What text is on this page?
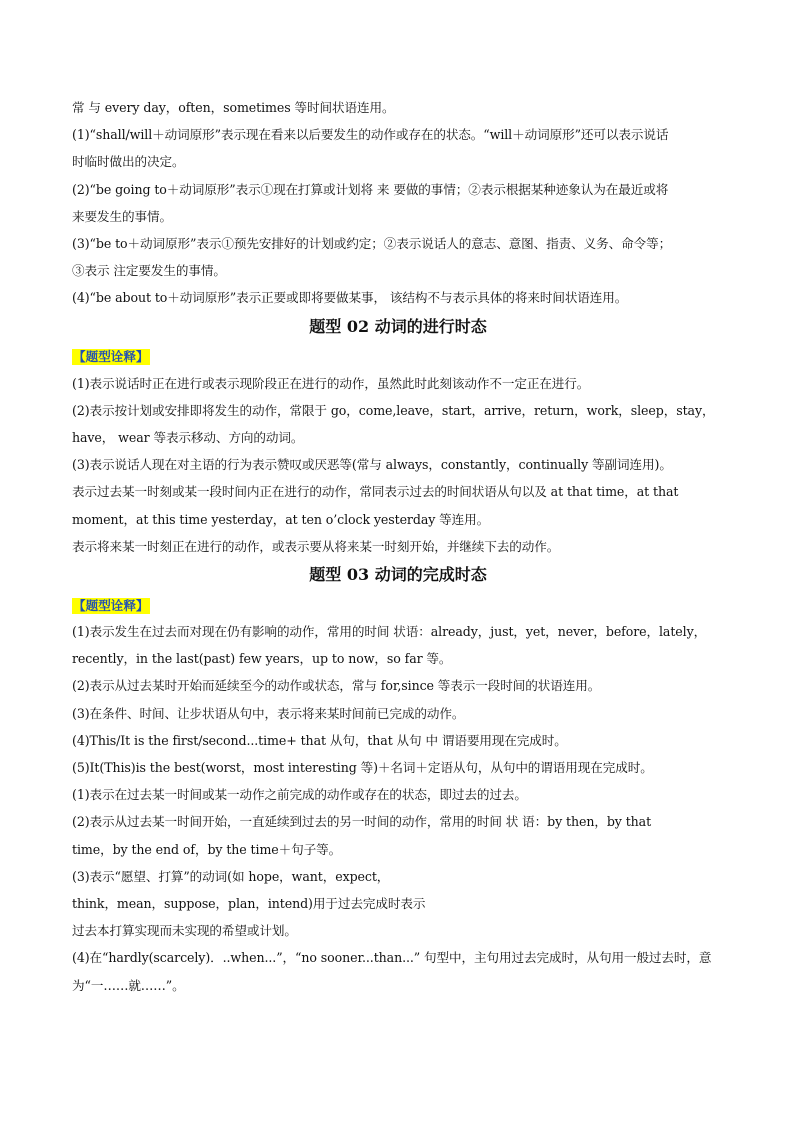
常 与 every day，often，sometimes 等时间状语连用。
(1)“shall/will＋动词原形”表示现在看来以后要发生的动作或存在的状态。“will＋动词原形”还可以表示说话
时临时做出的决定。
(2)“be going to＋动词原形”表示①现在打算或计划将 来 要做的事情；②表示根据某种迹象认为在最近或将
来要发生的事情。
(3)“be to＋动词原形”表示①预先安排好的计划或约定；②表示说话人的意志、意图、指责、义务、命令等；
③表示 注定要发生的事情。
(4)“be about to＋动词原形”表示正要或即将要做某事， 该结构不与表示具体的将来时间状语连用。
题型 02 动词的进行时态
【题型诠释】
(1)表示说话时正在进行或表示现阶段正在进行的动作，虽然此时此刻该动作不一定正在进行。
(2)表示按计划或安排即将发生的动作，常限于 go，come,leave，start，arrive，return，work，sleep，stay，
have， wear 等表示移动、方向的动词。
(3)表示说话人现在对主语的行为表示赞叹或厌恶等(常与 always，constantly，continually 等副词连用)。
表示过去某一时刻或某一段时间内正在进行的动作，常同表示过去的时间状语从句以及 at that time，at that
moment，at this time yesterday，at ten o’clock yesterday 等连用。
表示将来某一时刻正在进行的动作，或表示要从将来某一时刻开始，并继续下去的动作。
题型 03 动词的完成时态
【题型诠释】
(1)表示发生在过去而对现在仍有影响的动作，常用的时间 状语：already，just，yet，never，before，lately，
recently，in the last(past) few years，up to now，so far 等。
(2)表示从过去某时开始而延续至今的动作或状态，常与 for,since 等表示一段时间的状语连用。
(3)在条件、时间、让步状语从句中，表示将来某时间前已完成的动作。
(4)This/It is the first/second...time+ that 从句，that 从句 中 谓语要用现在完成时。
(5)It(This)is the best(worst，most interesting 等)＋名词＋定语从句，从句中的谓语用现在完成时。
(1)表示在过去某一时间或某一动作之前完成的动作或存在的状态，即过去的过去。
(2)表示从过去某一时间开始，一直延续到过去的另一时间的动作，常用的时间 状 语：by then，by that
time，by the end of，by the time＋句子等。
(3)表示“愿望、打算”的动词(如 hope，want，expect，
think，mean，suppose，plan，intend)用于过去完成时表示
过去本打算实现而未实现的希望或计划。
(4)在“hardly(scarcely)．..when...”，“no sooner...than...” 句型中，主句用过去完成时，从句用一般过去时，意
为“一……就……”。
